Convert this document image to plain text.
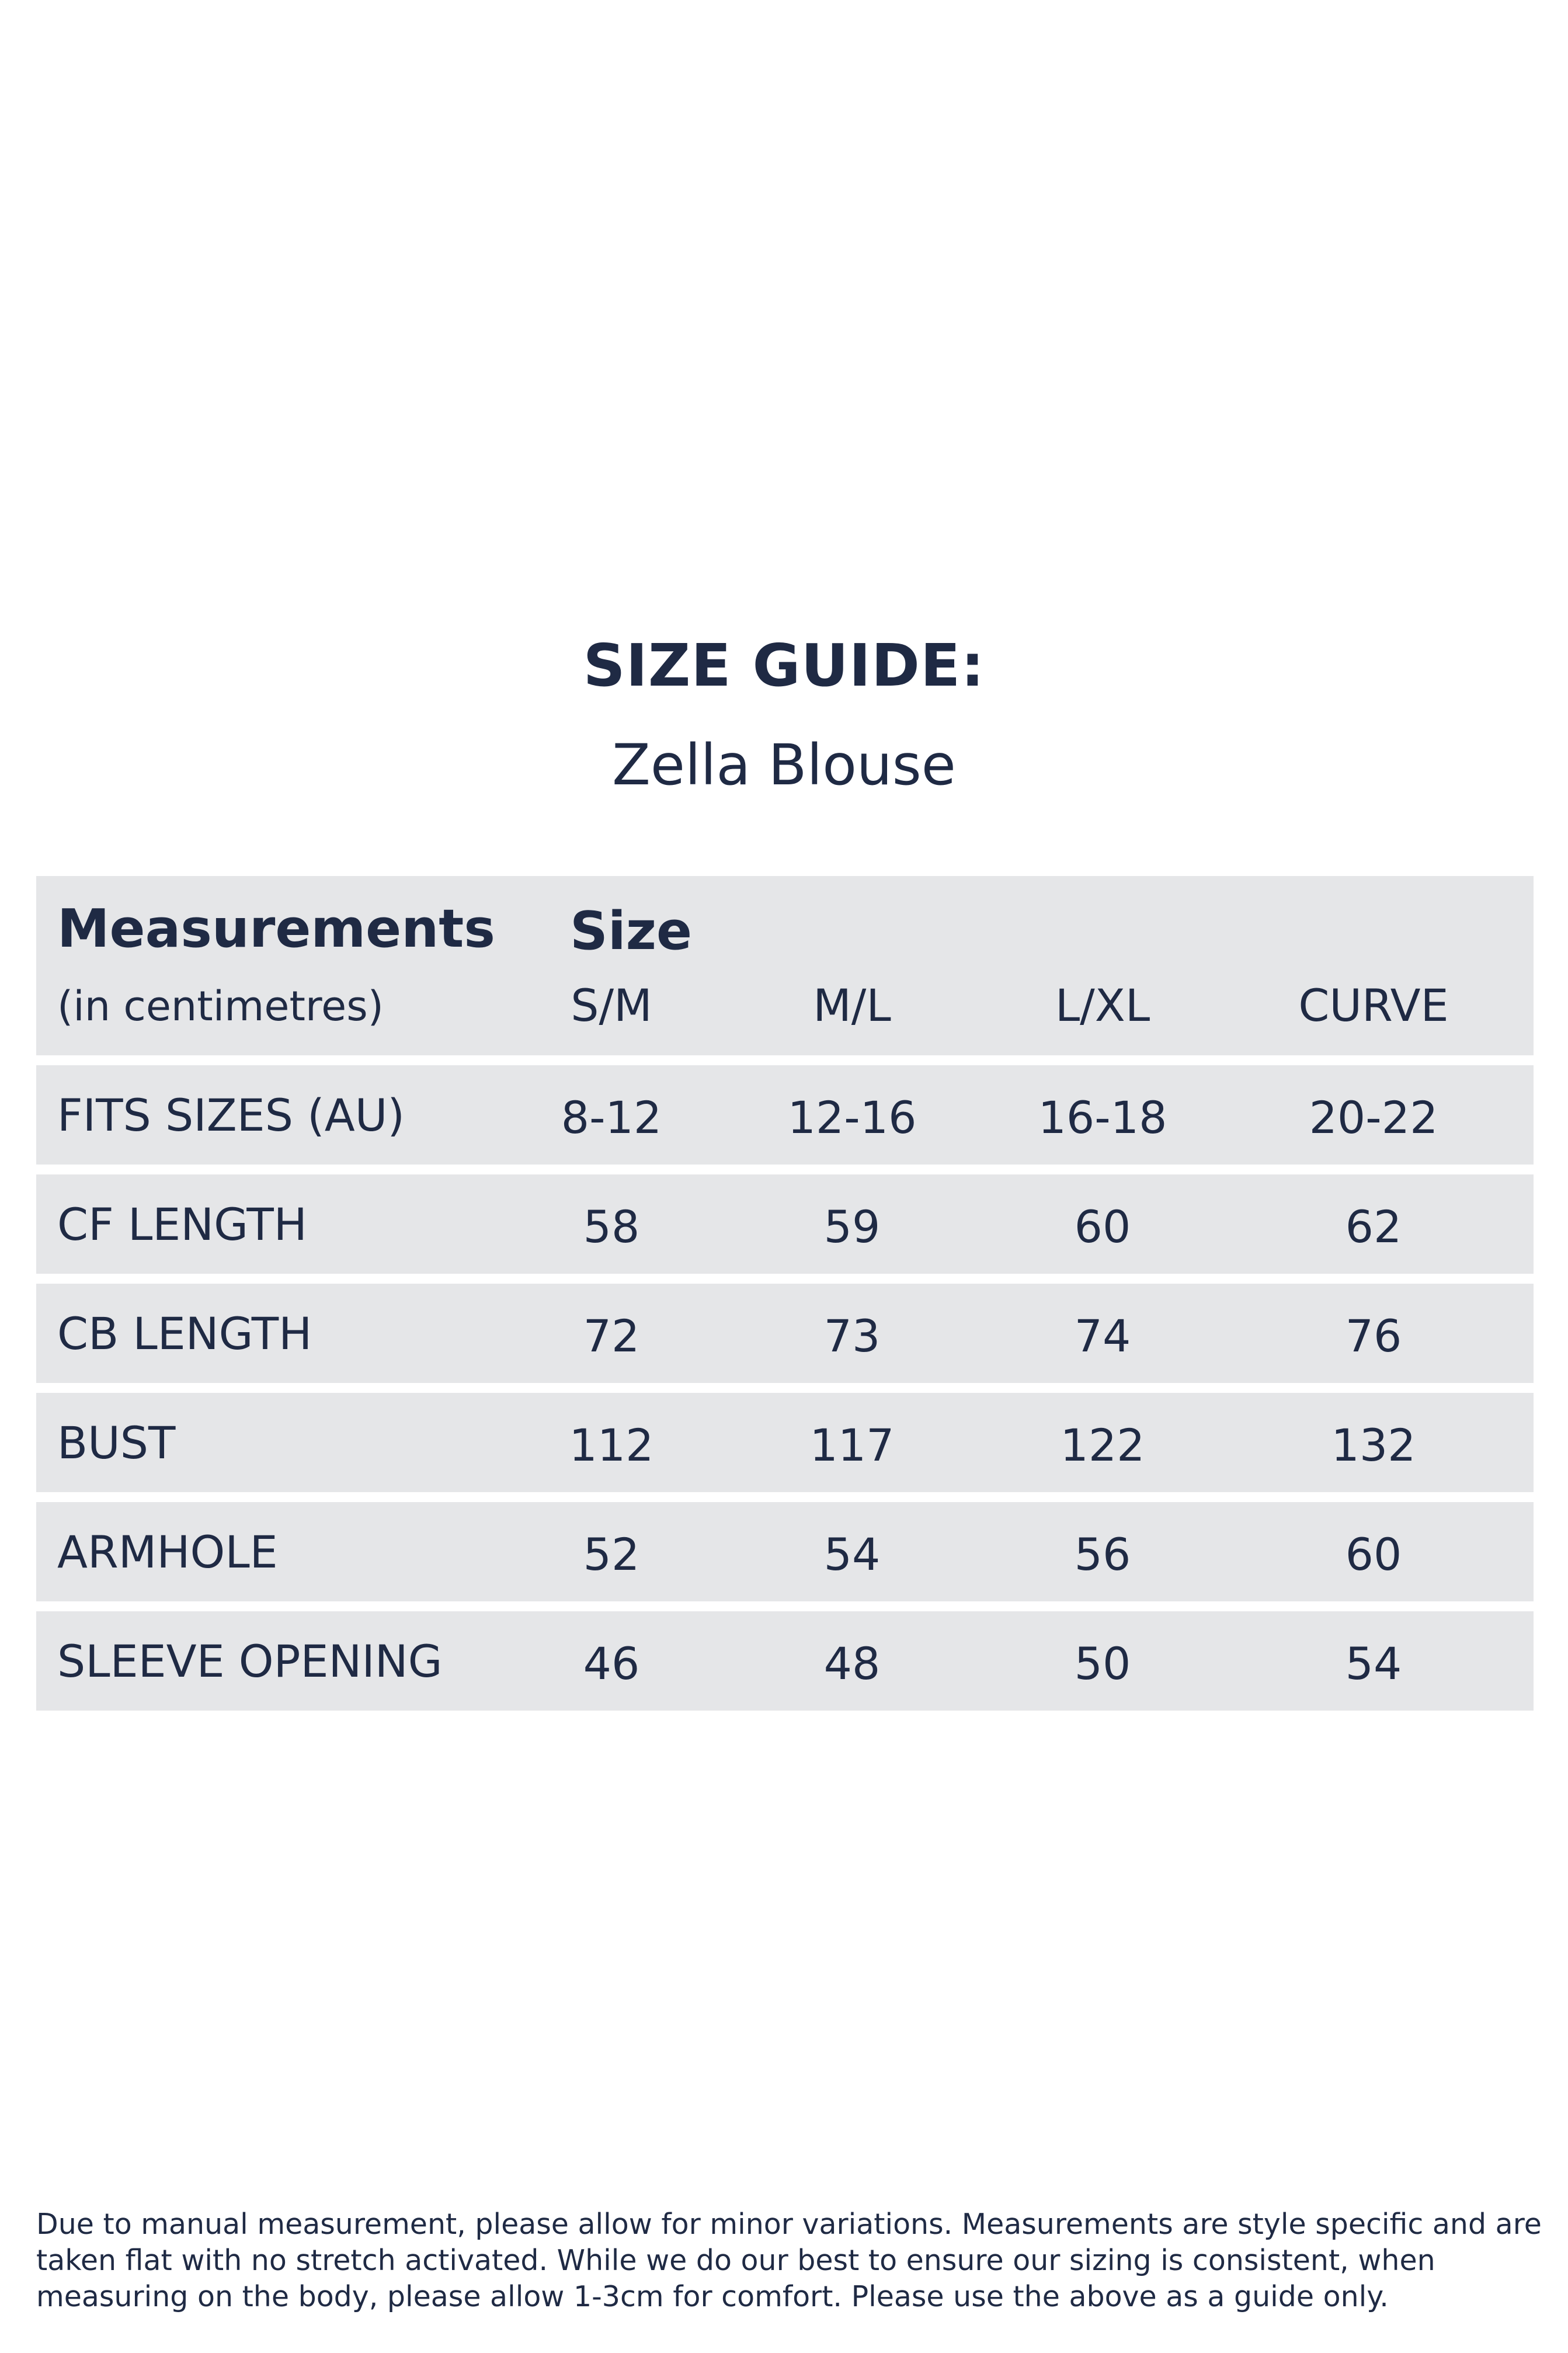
SIZE GUIDE:
Zella Blouse
Measurements
(in centimetres)
Size
S/M	M/L	L/XL	CURVE
FITS SIZES (AU)	8-12	12-16	16-18	20-22
CF LENGTH	58	59	60	62
CB LENGTH	72	73	74	76
BUST	112	117	122	132
ARMHOLE	52	54	56	60
SLEEVE OPENING	46	48	50	54
Due to manual measurement, please allow for minor variations. Measurements are style specific and are taken flat with no stretch activated. While we do our best to ensure our sizing is consistent, when measuring on the body, please allow 1-3cm for comfort. Please use the above as a guide only.
